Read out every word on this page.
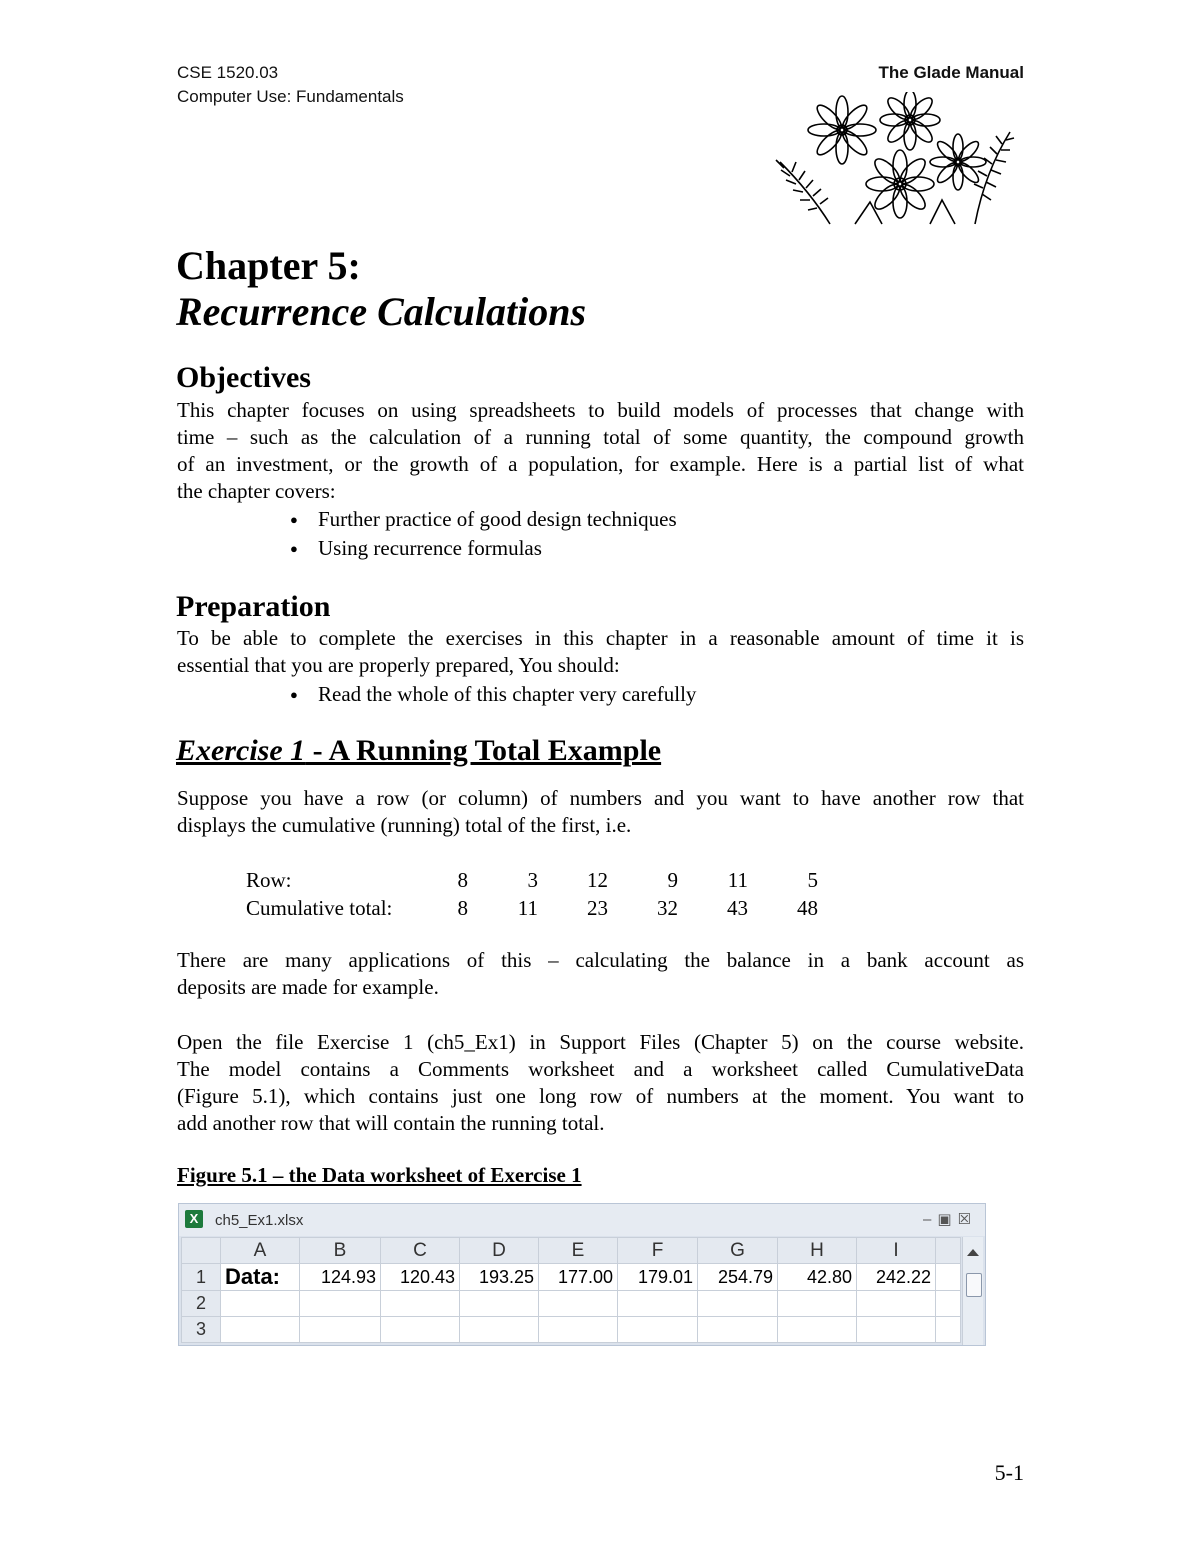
CSE 1520.03
Computer Use: Fundamentals
The Glade Manual
Chapter 5:
Recurrence Calculations
Objectives
This chapter focuses on using spreadsheets to build models of processes that change with
time – such as the calculation of a running total of some quantity, the compound growth
of an investment, or the growth of a population, for example. Here is a partial list of what
the chapter covers:
● Further practice of good design techniques
● Using recurrence formulas
Preparation
To be able to complete the exercises in this chapter in a reasonable amount of time it is
essential that you are properly prepared, You should:
● Read the whole of this chapter very carefully
Exercise 1 - A Running Total Example
Suppose you have a row (or column) of numbers and you want to have another row that
displays the cumulative (running) total of the first, i.e.
Row:	8	3	12	9	11	5
Cumulative total:	8	11	23	32	43	48
There are many applications of this – calculating the balance in a bank account as
deposits are made for example.
Open the file Exercise 1 (ch5_Ex1) in Support Files (Chapter 5) on the course website.
The model contains a Comments worksheet and a worksheet called CumulativeData
(Figure 5.1), which contains just one long row of numbers at the moment. You want to
add another row that will contain the running total.
Figure 5.1 – the Data worksheet of Exercise 1
X	ch5_Ex1.xlsx	–▣☒
	A	B	C	D	E	F	G	H	I	
1	Data:	124.93	120.43	193.25	177.00	179.01	254.79	42.80	242.22	
2										
3										
5-1
